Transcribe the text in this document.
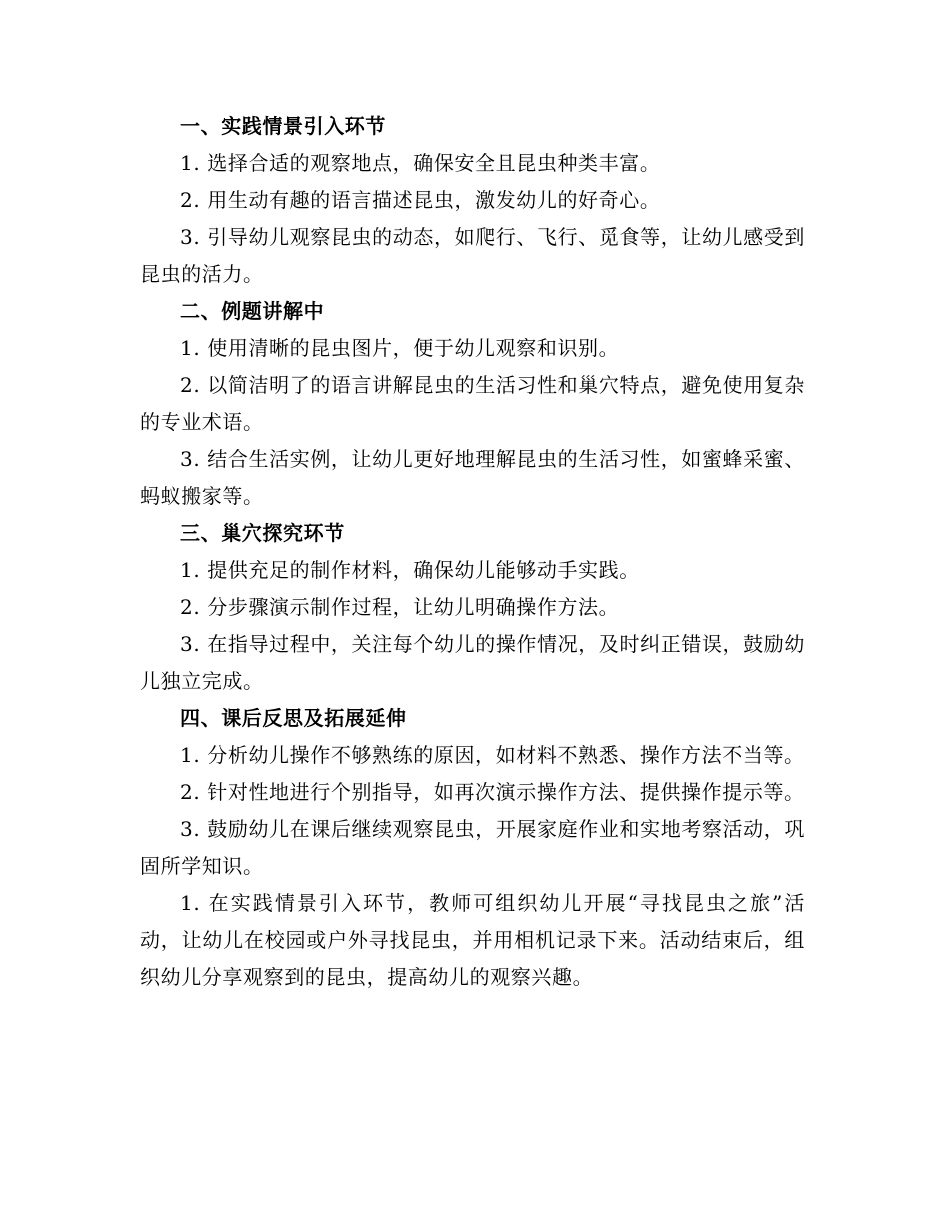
一、实践情景引入环节

1. 选择合适的观察地点，确保安全且昆虫种类丰富。

2. 用生动有趣的语言描述昆虫，激发幼儿的好奇心。

3. 引导幼儿观察昆虫的动态，如爬行、飞行、觅食等，让幼儿感受到昆虫的活力。

二、例题讲解中

1. 使用清晰的昆虫图片，便于幼儿观察和识别。

2. 以简洁明了的语言讲解昆虫的生活习性和巢穴特点，避免使用复杂的专业术语。

3. 结合生活实例，让幼儿更好地理解昆虫的生活习性，如蜜蜂采蜜、蚂蚁搬家等。

三、巢穴探究环节

1. 提供充足的制作材料，确保幼儿能够动手实践。

2. 分步骤演示制作过程，让幼儿明确操作方法。

3. 在指导过程中，关注每个幼儿的操作情况，及时纠正错误，鼓励幼儿独立完成。

四、课后反思及拓展延伸

1. 分析幼儿操作不够熟练的原因，如材料不熟悉、操作方法不当等。

2. 针对性地进行个别指导，如再次演示操作方法、提供操作提示等。

3. 鼓励幼儿在课后继续观察昆虫，开展家庭作业和实地考察活动，巩固所学知识。

1. 在实践情景引入环节，教师可组织幼儿开展“寻找昆虫之旅”活动，让幼儿在校园或户外寻找昆虫，并用相机记录下来。活动结束后，组织幼儿分享观察到的昆虫，提高幼儿的观察兴趣。
